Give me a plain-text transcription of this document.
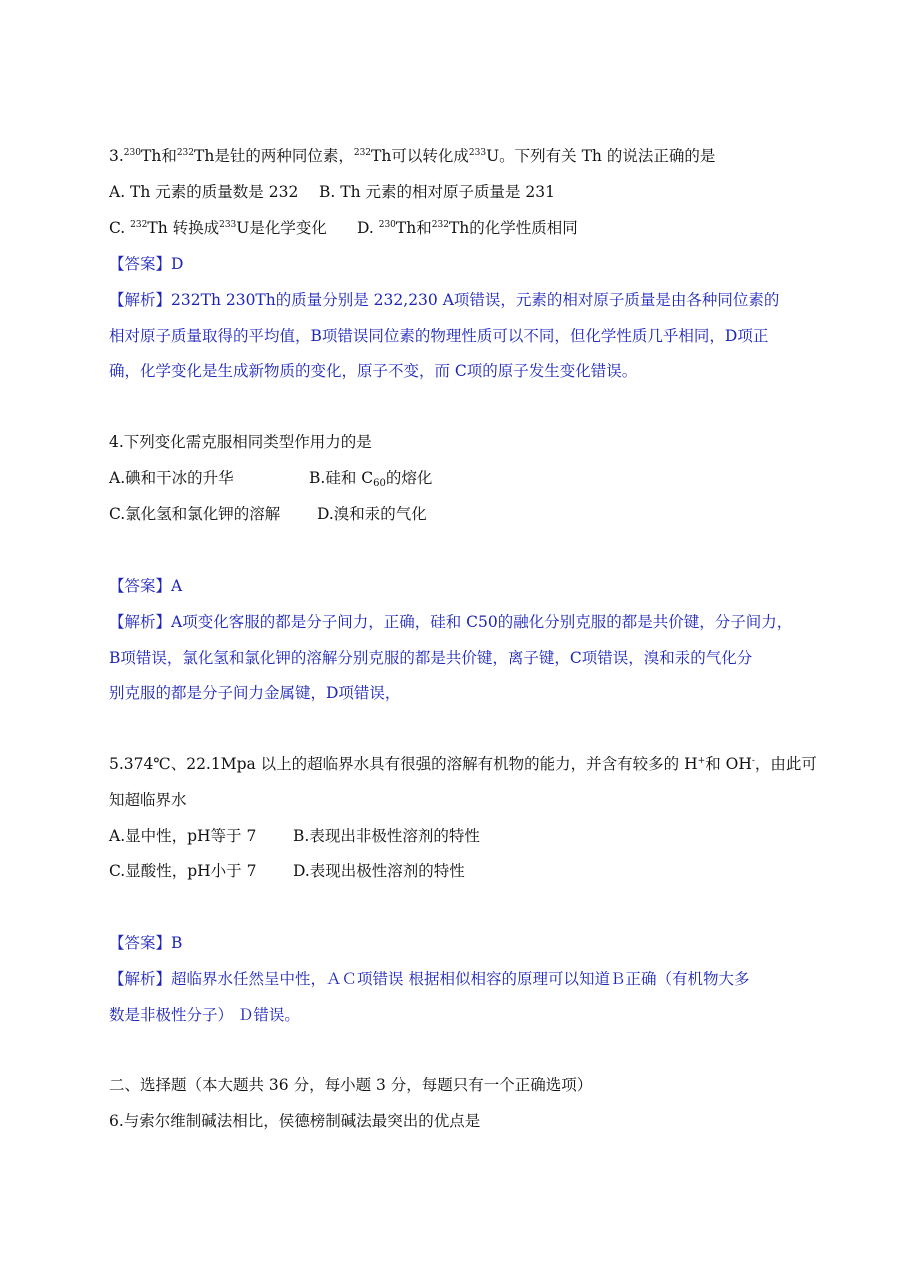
3.$^{230}$Th和$^{232}$Th是钍的两种同位素，$^{232}$Th可以转化成$^{233}$U。下列有关 Th 的说法正确的是
A. Th 元素的质量数是 232 B. Th 元素的相对原子质量是 231
C. $^{232}$Th 转换成$^{233}$U是化学变化 D. $^{230}$Th和$^{232}$Th的化学性质相同
【答案】D
【解析】232Th 230Th的质量分别是 232,230 A项错误，元素的相对原子质量是由各种同位素的
相对原子质量取得的平均值，B项错误同位素的物理性质可以不同，但化学性质几乎相同，D项正
确，化学变化是生成新物质的变化，原子不变，而 C项的原子发生变化错误。
4.下列变化需克服相同类型作用力的是
A.碘和干冰的升华	B.硅和 $C_{60}$的熔化
C.氯化氢和氯化钾的溶解 D.溴和汞的气化
【答案】A
【解析】A项变化客服的都是分子间力，正确，硅和 C50的融化分别克服的都是共价键，分子间力，
B项错误，氯化氢和氯化钾的溶解分别克服的都是共价键，离子键，C项错误，溴和汞的气化分
别克服的都是分子间力金属键，D项错误，
5.374℃、22.1Mpa 以上的超临界水具有很强的溶解有机物的能力，并含有较多的 H+和 OH-，由此可
知超临界水
A.显中性，pH等于 7 B.表现出非极性溶剂的特性
C.显酸性，pH小于 7 D.表现出极性溶剂的特性
【答案】B
【解析】超临界水任然呈中性，ＡＣ项错误 根据相似相容的原理可以知道Ｂ正确（有机物大多
数是非极性分子） Ｄ错误。
二、选择题（本大题共 36 分，每小题 3 分，每题只有一个正确选项）
6.与索尔维制碱法相比，侯德榜制碱法最突出的优点是
